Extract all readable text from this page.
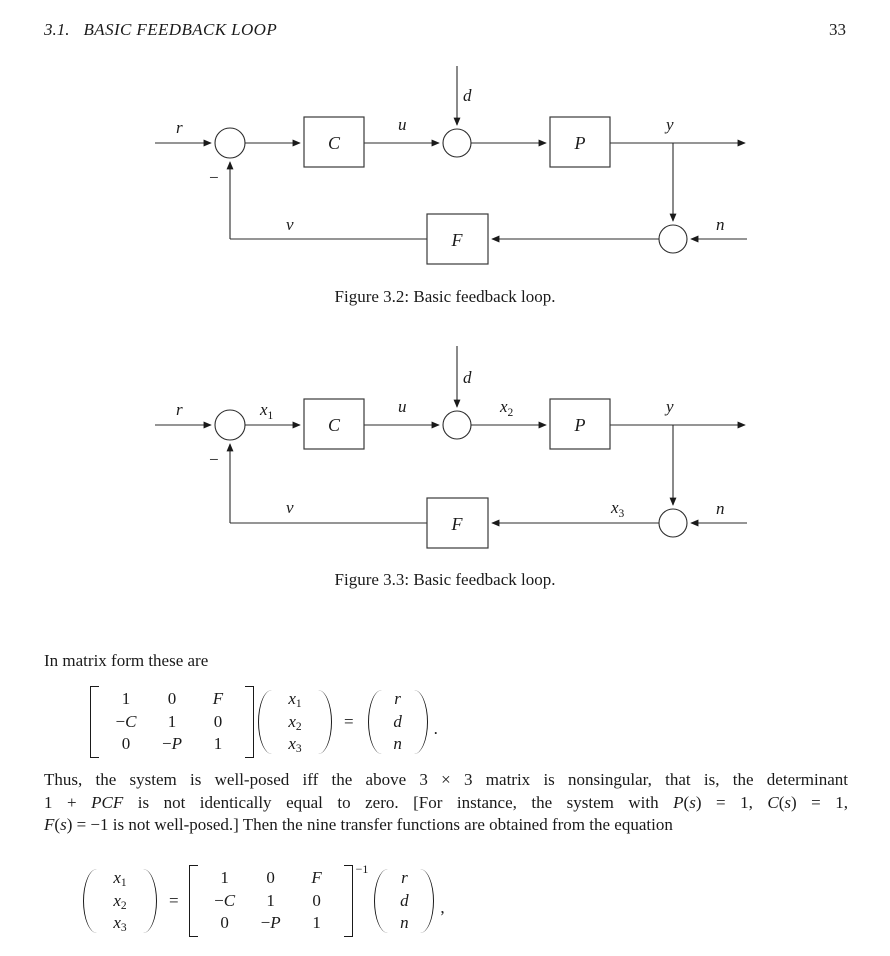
3.1. BASIC FEEDBACK LOOP	33
r
d
u	y
n
v
−
C	P
F
Figure 3.2: Basic feedback loop.
r
d
u	y
n
v
−
$x_1$	$x_2$
$x_3$
C	P
F
Figure 3.3: Basic feedback loop.
In matrix form these are
1	0	F
−C	1	0
0	−P	1
x1
x2
x3
=
r
d
n
.
Thus, the system is well-posed iff the above 3 × 3 matrix is nonsingular, that is, the determinant
1 + PCF is not identically equal to zero. [For instance, the system with P(s) = 1, C(s) = 1,
F(s) = −1 is not well-posed.] Then the nine transfer functions are obtained from the equation
x1
x2
x3
=
1	0	F
−C	1	0
0	−P	1
−1	r
d
n
,
